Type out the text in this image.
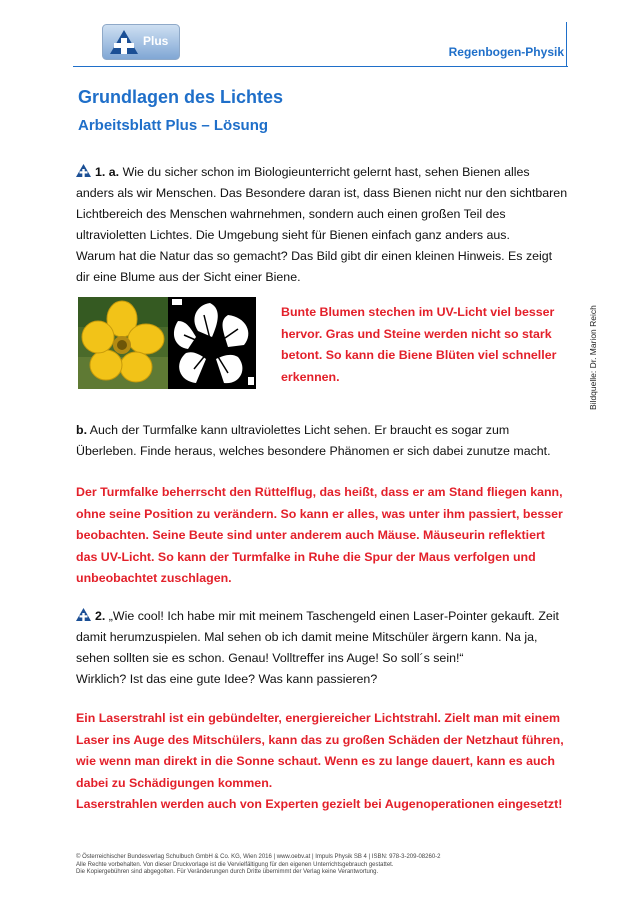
Plus
Regenbogen-Physik
Grundlagen des Lichtes
Arbeitsblatt Plus – Lösung

1. a. Wie du sicher schon im Biologieunterricht gelernt hast, sehen Bienen alles anders als wir Menschen. Das Besondere daran ist, dass Bienen nicht nur den sichtbaren Lichtbereich des Menschen wahrnehmen, sondern auch einen großen Teil des ultravioletten Lichtes. Die Umgebung sieht für Bienen einfach ganz anders aus.
Warum hat die Natur das so gemacht? Das Bild gibt dir einen kleinen Hinweis. Es zeigt dir eine Blume aus der Sicht einer Biene.

Bunte Blumen stechen im UV-Licht viel besser hervor. Gras und Steine werden nicht so stark betont. So kann die Biene Blüten viel schneller erkennen.	Bildquelle: Dr. Marion Reich

b. Auch der Turmfalke kann ultraviolettes Licht sehen. Er braucht es sogar zum Überleben. Finde heraus, welches besondere Phänomen er sich dabei zunutze macht.

Der Turmfalke beherrscht den Rüttelflug, das heißt, dass er am Stand fliegen kann, ohne seine Position zu verändern. So kann er alles, was unter ihm passiert, besser beobachten. Seine Beute sind unter anderem auch Mäuse. Mäuseurin reflektiert das UV-Licht. So kann der Turmfalke in Ruhe die Spur der Maus verfolgen und unbeobachtet zuschlagen.

2. „Wie cool! Ich habe mir mit meinem Taschengeld einen Laser-Pointer gekauft. Zeit damit herumzuspielen. Mal sehen ob ich damit meine Mitschüler ärgern kann. Na ja, sehen sollten sie es schon. Genau! Volltreffer ins Auge! So soll´s sein!“
Wirklich? Ist das eine gute Idee? Was kann passieren?

Ein Laserstrahl ist ein gebündelter, energiereicher Lichtstrahl. Zielt man mit einem Laser ins Auge des Mitschülers, kann das zu großen Schäden der Netzhaut führen, wie wenn man direkt in die Sonne schaut. Wenn es zu lange dauert, kann es auch dabei zu Schädigungen kommen.
Laserstrahlen werden auch von Experten gezielt bei Augenoperationen eingesetzt!

© Österreichischer Bundesverlag Schulbuch GmbH & Co. KG, Wien 2016 | www.oebv.at | Impuls Physik SB 4 | ISBN: 978-3-209-08260-2
Alle Rechte vorbehalten. Von dieser Druckvorlage ist die Vervielfältigung für den eigenen Unterrichtsgebrauch gestattet.
Die Kopiergebühren sind abgegolten. Für Veränderungen durch Dritte übernimmt der Verlag keine Verantwortung.
